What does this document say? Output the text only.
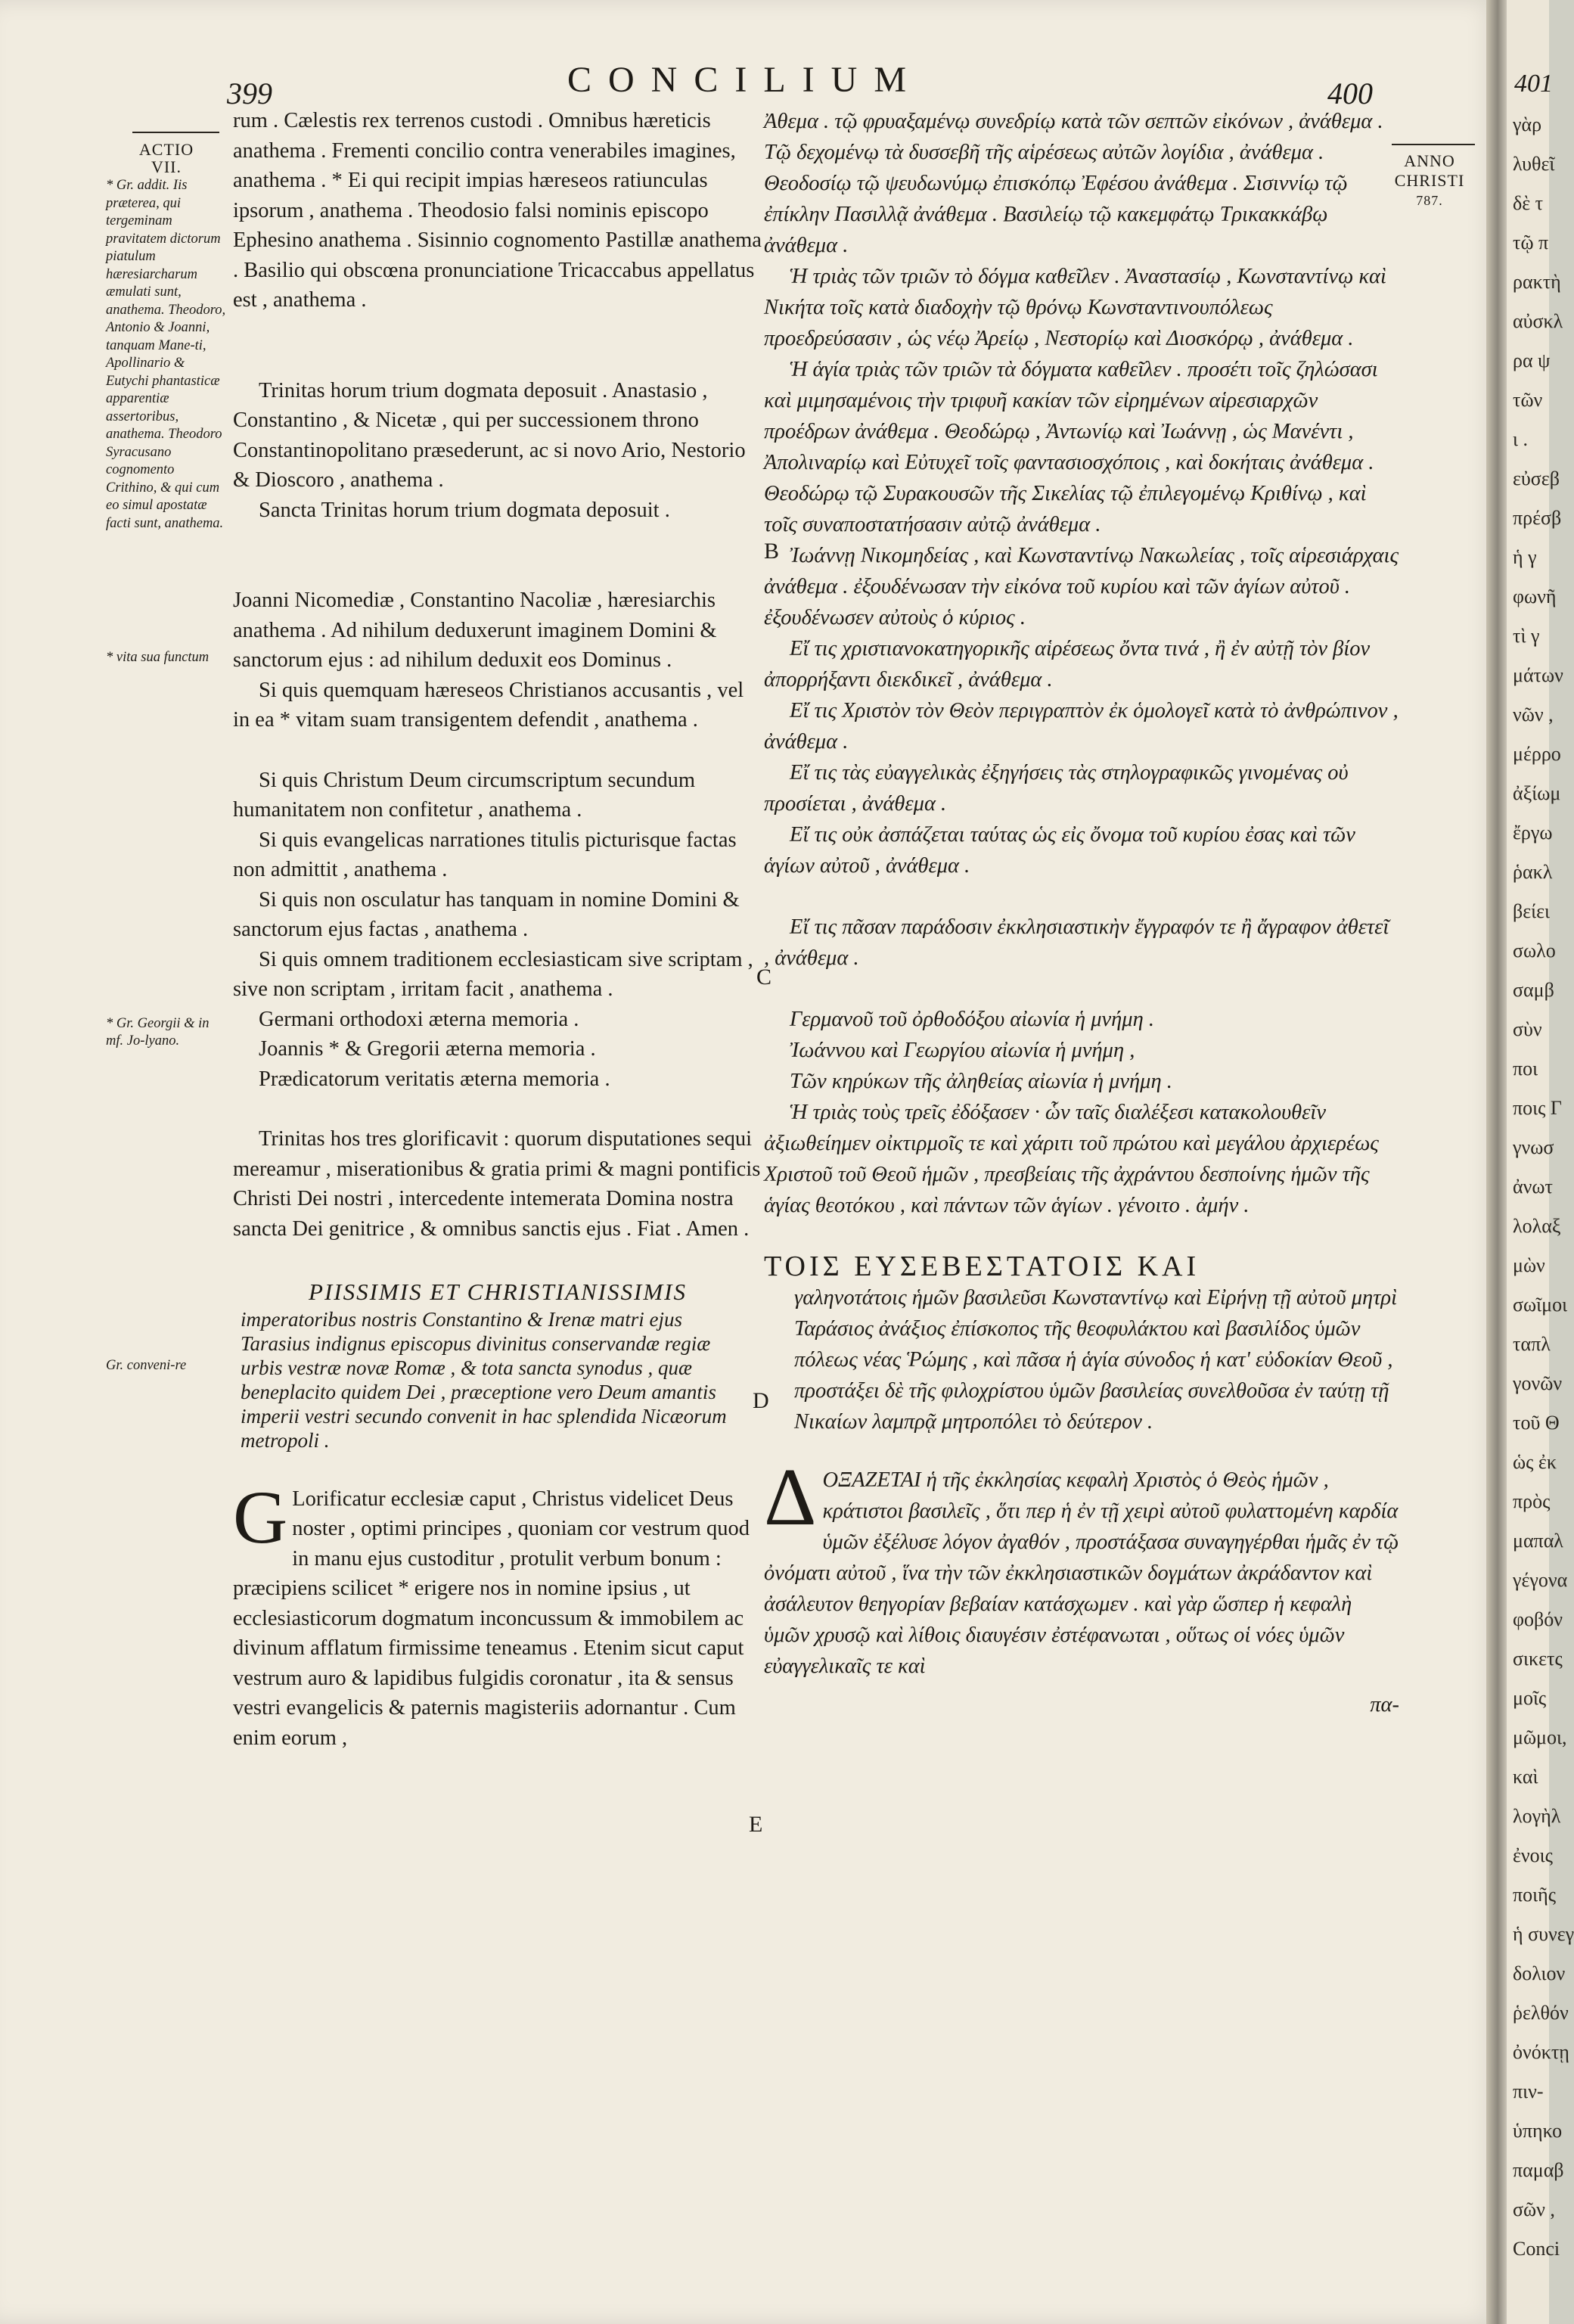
γὰρ
λυθεῖ
δὲ τ
τῷ π
ρακτὴ
αὐσκλ
ρα ψ
τῶν
ι .
εὐσεβ
πρέσβ
ἡ γ
φωνῆ
τὶ γ
μάτων
νῶν ,
μέρρο
ἀξίωμ
ἔργω
ῥακλ
βείει
σωλο
σαμβ
σὺν
ποι
ποις Γ
γνωσ
ἀνωτ
λολαξ
μὼν
σωῖμοι
ταπλ
γονῶν
τοῦ Θ
ὡς ἐκ
πρὸς
μαπαλ
γέγονα
φοβόν
σικετς
μοῖς
μῶμοι,
καὶ
λογὴλ
ἐνοις
ποιῆς
ἡ συνεγ
δολιον
ῥελθόν
ὀνόκτῃ
πιν-
ὑπηκο
παμαβ
σῶν ,
Conci
CONCILIUM
399	400	401
ACTIO
VII.
* Gr. addit. Iis præterea, qui tergeminam pravitatem dictorum piatulum hæresiarcharum æmulati sunt, anathema. Theodoro, Antonio & Joanni, tanquam Mane-ti, Apollinario & Eutychi phantasticæ apparentiæ assertoribus, anathema. Theodoro Syracusano cognomento Crithino, & qui cum eo simul apostatæ facti sunt, anathema.
* vita sua functum
* Gr. Georgii & in mf. Jo-lyano.
Gr. conveni-re
ANNO
CHRISTI
787.

rum . Cælestis rex terrenos custodi . Omnibus hæreticis anathema . Frementi concilio contra venerabiles imagines, anathema . * Ei qui recipit impias hæreseos ratiunculas ipsorum , anathema . Theodosio falsi nominis episcopo Ephesino anathema . Sisinnio cognomento Pastillæ anathema . Basilio qui obscœna pronunciatione Tricaccabus appellatus est , anathema .

Trinitas horum trium dogmata deposuit . Anastasio , Constantino , & Nicetæ , qui per successionem throno Constantinopolitano præsederunt, ac si novo Ario, Nestorio & Dioscoro , anathema .

Sancta Trinitas horum trium dogmata deposuit .

Joanni Nicomediæ , Constantino Nacoliæ , hæresiarchis anathema . Ad nihilum deduxerunt imaginem Domini & sanctorum ejus : ad nihilum deduxit eos Dominus .

Si quis quemquam hæreseos Christianos accusantis , vel in ea * vitam suam transigentem defendit , anathema .

Si quis Christum Deum circumscriptum secundum humanitatem non confitetur , anathema .

Si quis evangelicas narrationes titulis picturisque factas non admittit , anathema .

Si quis non osculatur has tanquam in nomine Domini & sanctorum ejus factas , anathema .

Si quis omnem traditionem ecclesiasticam sive scriptam , sive non scriptam , irritam facit , anathema .

Germani orthodoxi æterna memoria .

Joannis * & Gregorii æterna memoria .

Prædicatorum veritatis æterna memoria .

Trinitas hos tres glorificavit : quorum disputationes sequi mereamur , miserationibus & gratia primi & magni pontificis Christi Dei nostri , intercedente intemerata Domina nostra sancta Dei genitrice , & omnibus sanctis ejus . Fiat . Amen .

PIISSIMIS ET CHRISTIANISSIMIS

imperatoribus nostris Constantino & Irenæ matri ejus Tarasius indignus episcopus divinitus conservandæ regiæ urbis vestræ novæ Romæ , & tota sancta synodus , quæ beneplacito quidem Dei , præceptione vero Deum amantis imperii vestri secundo convenit in hac splendida Nicæorum metropoli .

G Lorificatur ecclesiæ caput , Christus videlicet Deus noster , optimi principes , quoniam cor vestrum quod in manu ejus custoditur , protulit verbum bonum : præcipiens scilicet * erigere nos in nomine ipsius , ut ecclesiasticorum dogmatum inconcussum & immobilem ac divinum afflatum firmissime teneamus . Etenim sicut caput vestrum auro & lapidibus fulgidis coronatur , ita & sensus vestri evangelicis & paternis magisteriis adornantur . Cum enim eorum ,
E

Ἀθεμα . τῷ φρυαξαμένῳ συνεδρίῳ κατὰ τῶν σεπτῶν εἰκόνων , ἀνάθεμα . Τῷ δεχομένῳ τὰ δυσσεβῆ τῆς αἱρέσεως αὐτῶν λογίδια , ἀνάθεμα . Θεοδοσίῳ τῷ ψευδωνύμῳ ἐπισκόπῳ Ἐφέσου ἀνάθεμα . Σισιννίῳ τῷ ἐπίκλην Πασιλλᾷ ἀνάθεμα . Βασιλείῳ τῷ κακεμφάτῳ Τρικακκάβῳ ἀνάθεμα .

Ἡ τριὰς τῶν τριῶν τὸ δόγμα καθεῖλεν . Ἀναστασίῳ , Κωνσταντίνῳ καὶ Νικήτα τοῖς κατὰ διαδοχὴν τῷ θρόνῳ Κωνσταντινουπόλεως προεδρεύσασιν , ὡς νέῳ Ἀρείῳ , Νεστορίῳ καὶ Διοσκόρῳ , ἀνάθεμα .

Ἡ ἁγία τριὰς τῶν τριῶν τὰ δόγματα καθεῖλεν . προσέτι τοῖς ζηλώσασι καὶ μιμησαμένοις τὴν τριφυῆ κακίαν τῶν εἰρημένων αἱρεσιαρχῶν προέδρων ἀνάθεμα . Θεοδώρῳ , Ἀντωνίῳ καὶ Ἰωάννῃ , ὡς Μανέντι , Ἀπολιναρίῳ καὶ Εὐτυχεῖ τοῖς φαντασιοσχόποις , καὶ δοκήταις ἀνάθεμα . Θεοδώρῳ τῷ Συρακουσῶν τῆς Σικελίας τῷ ἐπιλεγομένῳ Κριθίνῳ , καὶ τοῖς συναποστατήσασιν αὐτῷ ἀνάθεμα .

Ἰωάννῃ Νικομηδείας , καὶ Κωνσταντίνῳ Νακωλείας , τοῖς αἱρεσιάρχαις ἀνάθεμα . ἐξουδένωσαν τὴν εἰκόνα τοῦ κυρίου καὶ τῶν ἁγίων αὐτοῦ . ἐξουδένωσεν αὐτοὺς ὁ κύριος .

Εἴ τις χριστιανοκατηγορικῆς αἱρέσεως ὄντα τινά , ἢ ἐν αὐτῇ τὸν βίον ἀπορρήξαντι διεκδικεῖ , ἀνάθεμα .

Εἴ τις Χριστὸν τὸν Θεὸν περιγραπτὸν ἐκ ὁμολογεῖ κατὰ τὸ ἀνθρώπινον , ἀνάθεμα .

Εἴ τις τὰς εὐαγγελικὰς ἐξηγήσεις τὰς στηλογραφικῶς γινομένας οὐ προσίεται , ἀνάθεμα .

Εἴ τις οὐκ ἀσπάζεται ταύτας ὡς εἰς ὄνομα τοῦ κυρίου ἐσας καὶ τῶν ἁγίων αὐτοῦ , ἀνάθεμα .

Εἴ τις πᾶσαν παράδοσιν ἐκκλησιαστικὴν ἔγγραφόν τε ἢ ἄγραφον ἀθετεῖ , ἀνάθεμα .

Γερμανοῦ τοῦ ὀρθοδόξου αἰωνία ἡ μνήμη .

Ἰωάννου καὶ Γεωργίου αἰωνία ἡ μνήμη ,

Τῶν κηρύκων τῆς ἀληθείας αἰωνία ἡ μνήμη .

Ἡ τριὰς τοὺς τρεῖς ἐδόξασεν · ὧν ταῖς διαλέξεσι κατακολουθεῖν ἀξιωθείημεν οἰκτιρμοῖς τε καὶ χάριτι τοῦ πρώτου καὶ μεγάλου ἀρχιερέως Χριστοῦ τοῦ Θεοῦ ἡμῶν , πρεσβείαις τῆς ἀχράντου δεσποίνης ἡμῶν τῆς ἁγίας θεοτόκου , καὶ πάντων τῶν ἁγίων . γένοιτο . ἀμήν .

ΤΟΙΣ ΕΥΣΕΒΕΣΤΑΤΟΙΣ ΚΑΙ

γαληνοτάτοις ἡμῶν βασιλεῦσι Κωνσταντίνῳ καὶ Εἰρήνῃ τῇ αὐτοῦ μητρὶ Ταράσιος ἀνάξιος ἐπίσκοπος τῆς θεοφυλάκτου καὶ βασιλίδος ὑμῶν πόλεως νέας Ῥώμης , καὶ πᾶσα ἡ ἁγία σύνοδος ἡ κατ' εὐδοκίαν Θεοῦ , προστάξει δὲ τῆς φιλοχρίστου ὑμῶν βασιλείας συνελθοῦσα ἐν ταύτῃ τῇ Νικαίων λαμπρᾷ μητροπόλει τὸ δεύτερον .

Δ ΟΞΑΖΕΤΑΙ ἡ τῆς ἐκκλησίας κεφαλὴ Χριστὸς ὁ Θεὸς ἡμῶν , κράτιστοι βασιλεῖς , ὅτι περ ἡ ἐν τῇ χειρὶ αὐτοῦ φυλαττομένη καρδία ὑμῶν ἐξέλυσε λόγον ἀγαθόν , προστάξασα συναγηγέρθαι ἡμᾶς ἐν τῷ ὀνόματι αὐτοῦ , ἵνα τὴν τῶν ἐκκλησιαστικῶν δογμάτων ἀκράδαντον καὶ ἀσάλευτον θεηγορίαν βεβαίαν κατάσχωμεν . καὶ γὰρ ὥσπερ ἡ κεφαλὴ ὑμῶν χρυσῷ καὶ λίθοις διαυγέσιν ἐστέφανωται , οὕτως οἱ νόες ὑμῶν εὐαγγελικαῖς τε καὶ

πα-

B
C
D
